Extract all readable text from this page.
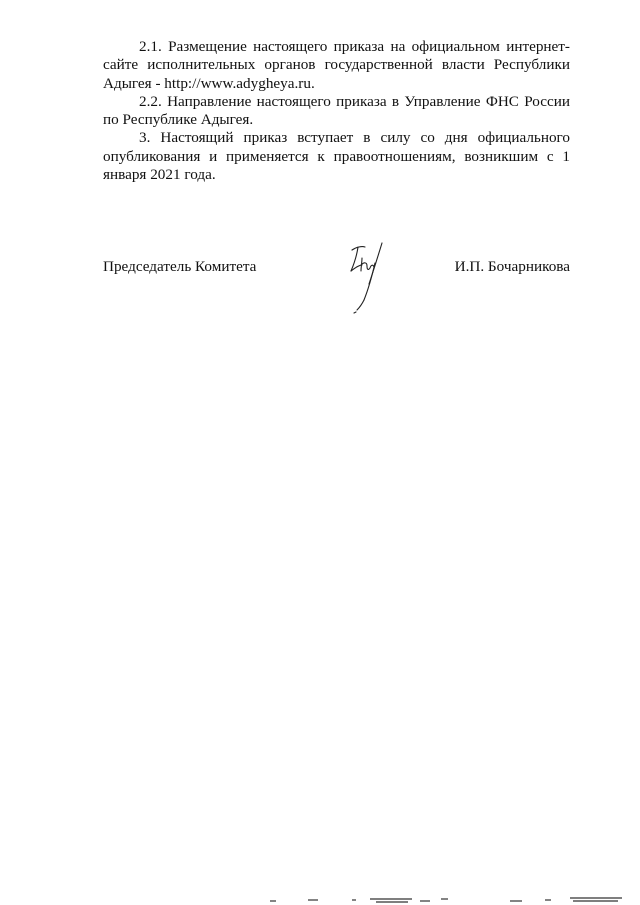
2.1. Размещение настоящего приказа на официальном интернет-сайте исполнительных органов государственной власти Республики Адыгея - http://www.adygheya.ru.

2.2. Направление настоящего приказа в Управление ФНС России по Республике Адыгея.

3. Настоящий приказ вступает в силу со дня официального опубликования и применяется к правоотношениям, возникшим с 1 января 2021 года.

Председатель Комитета	И.П. Бочарникова
